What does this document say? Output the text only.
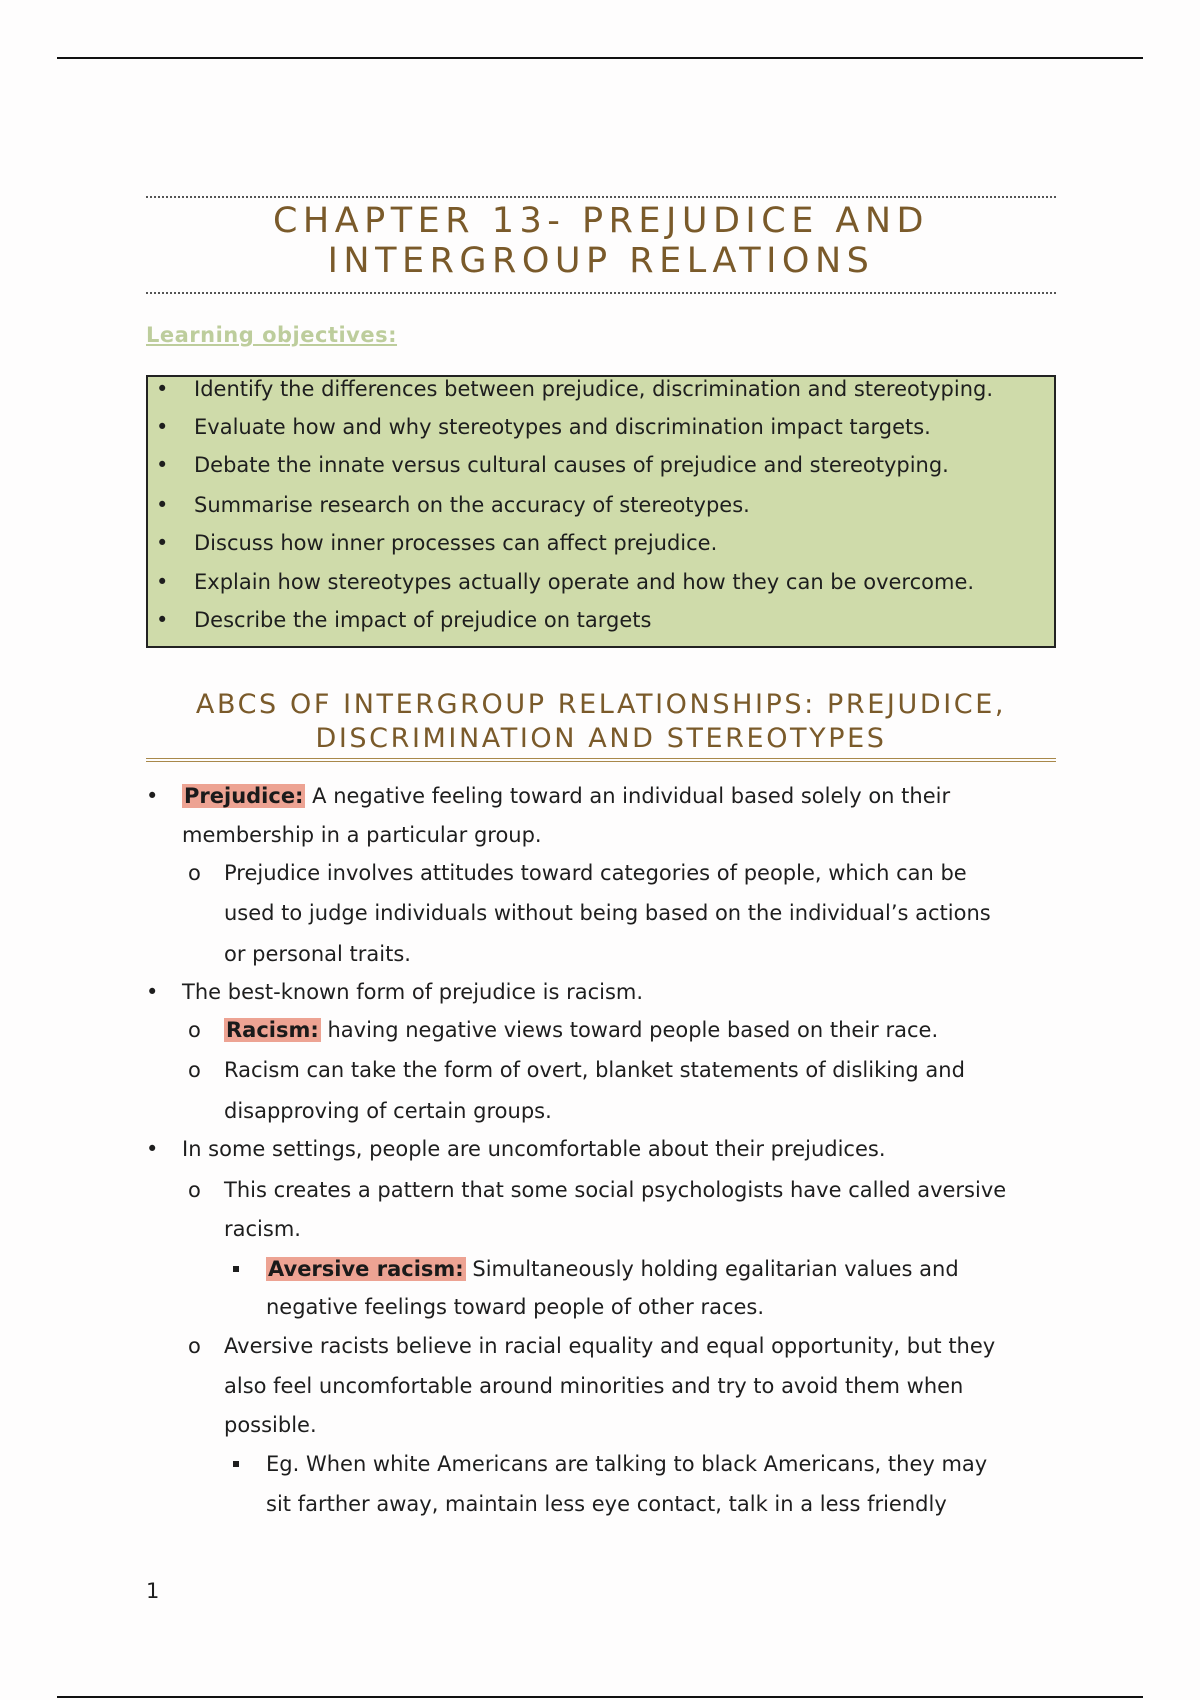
CHAPTER 13- PREJUDICE AND
INTERGROUP RELATIONS
Learning objectives:
• Identify the differences between prejudice, discrimination and stereotyping.
• Evaluate how and why stereotypes and discrimination impact targets.
• Debate the innate versus cultural causes of prejudice and stereotyping.
• Summarise research on the accuracy of stereotypes.
• Discuss how inner processes can affect prejudice.
• Explain how stereotypes actually operate and how they can be overcome.
• Describe the impact of prejudice on targets
ABCS OF INTERGROUP RELATIONSHIPS: PREJUDICE,
DISCRIMINATION AND STEREOTYPES
• Prejudice: A negative feeling toward an individual based solely on their
membership in a particular group.
o Prejudice involves attitudes toward categories of people, which can be
used to judge individuals without being based on the individual’s actions
or personal traits.
• The best-known form of prejudice is racism.
o Racism: having negative views toward people based on their race.
o Racism can take the form of overt, blanket statements of disliking and
disapproving of certain groups.
• In some settings, people are uncomfortable about their prejudices.
o This creates a pattern that some social psychologists have called aversive
racism.
Aversive racism: Simultaneously holding egalitarian values and
negative feelings toward people of other races.
o Aversive racists believe in racial equality and equal opportunity, but they
also feel uncomfortable around minorities and try to avoid them when
possible.
Eg. When white Americans are talking to black Americans, they may
sit farther away, maintain less eye contact, talk in a less friendly
1
